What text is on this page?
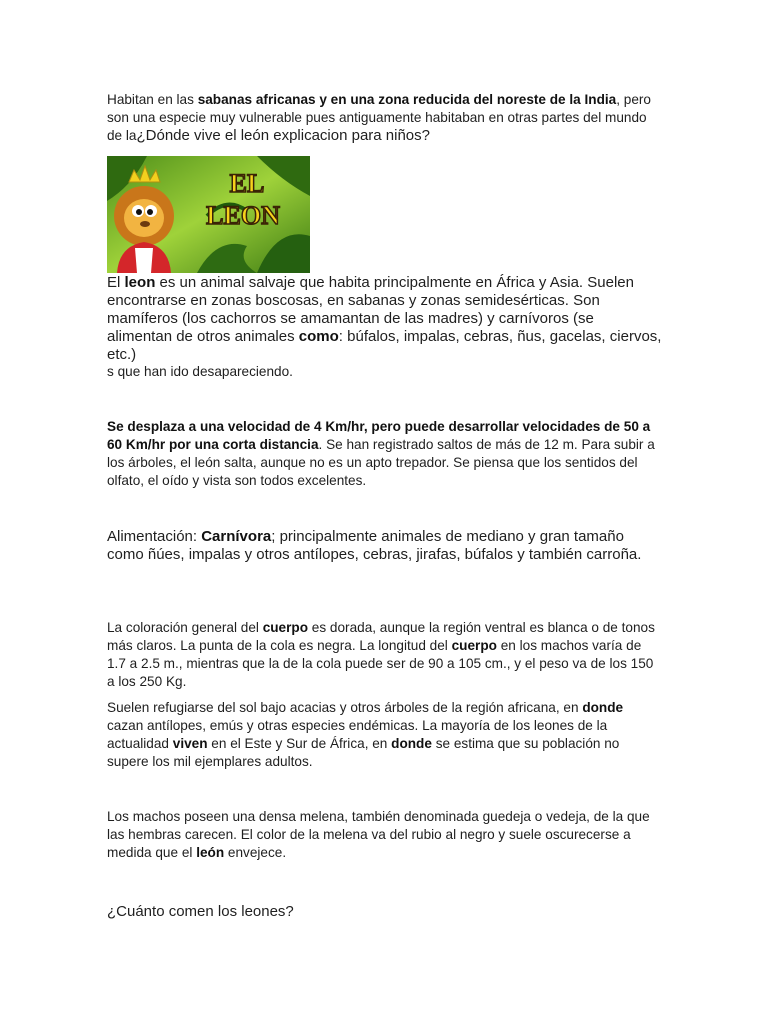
Habitan en las sabanas africanas y en una zona reducida del noreste de la India, pero son una especie muy vulnerable pues antiguamente habitaban en otras partes del mundo de la¿Dónde vive el león explicacion para niños?

EL
LEON

El leon es un animal salvaje que habita principalmente en África y Asia. Suelen encontrarse en zonas boscosas, en sabanas y zonas semidesérticas. Son mamíferos (los cachorros se amamantan de las madres) y carnívoros (se alimentan de otros animales como: búfalos, impalas, cebras, ñus, gacelas, ciervos, etc.)

s que han ido desapareciendo.

Se desplaza a una velocidad de 4 Km/hr, pero puede desarrollar velocidades de 50 a 60 Km/hr por una corta distancia. Se han registrado saltos de más de 12 m. Para subir a los árboles, el león salta, aunque no es un apto trepador. Se piensa que los sentidos del olfato, el oído y vista son todos excelentes.

Alimentación: Carnívora; principalmente animales de mediano y gran tamaño como ñúes, impalas y otros antílopes, cebras, jirafas, búfalos y también carroña.

La coloración general del cuerpo es dorada, aunque la región ventral es blanca o de tonos más claros. La punta de la cola es negra. La longitud del cuerpo en los machos varía de 1.7 a 2.5 m., mientras que la de la cola puede ser de 90 a 105 cm., y el peso va de los 150 a los 250 Kg.

Suelen refugiarse del sol bajo acacias y otros árboles de la región africana, en donde cazan antílopes, emús y otras especies endémicas. La mayoría de los leones de la actualidad viven en el Este y Sur de África, en donde se estima que su población no supere los mil ejemplares adultos.

Los machos poseen una densa melena, también denominada guedeja o vedeja, de la que las hembras carecen. El color de la melena va del rubio al negro y suele oscurecerse a medida que el león envejece.

¿Cuánto comen los leones?
